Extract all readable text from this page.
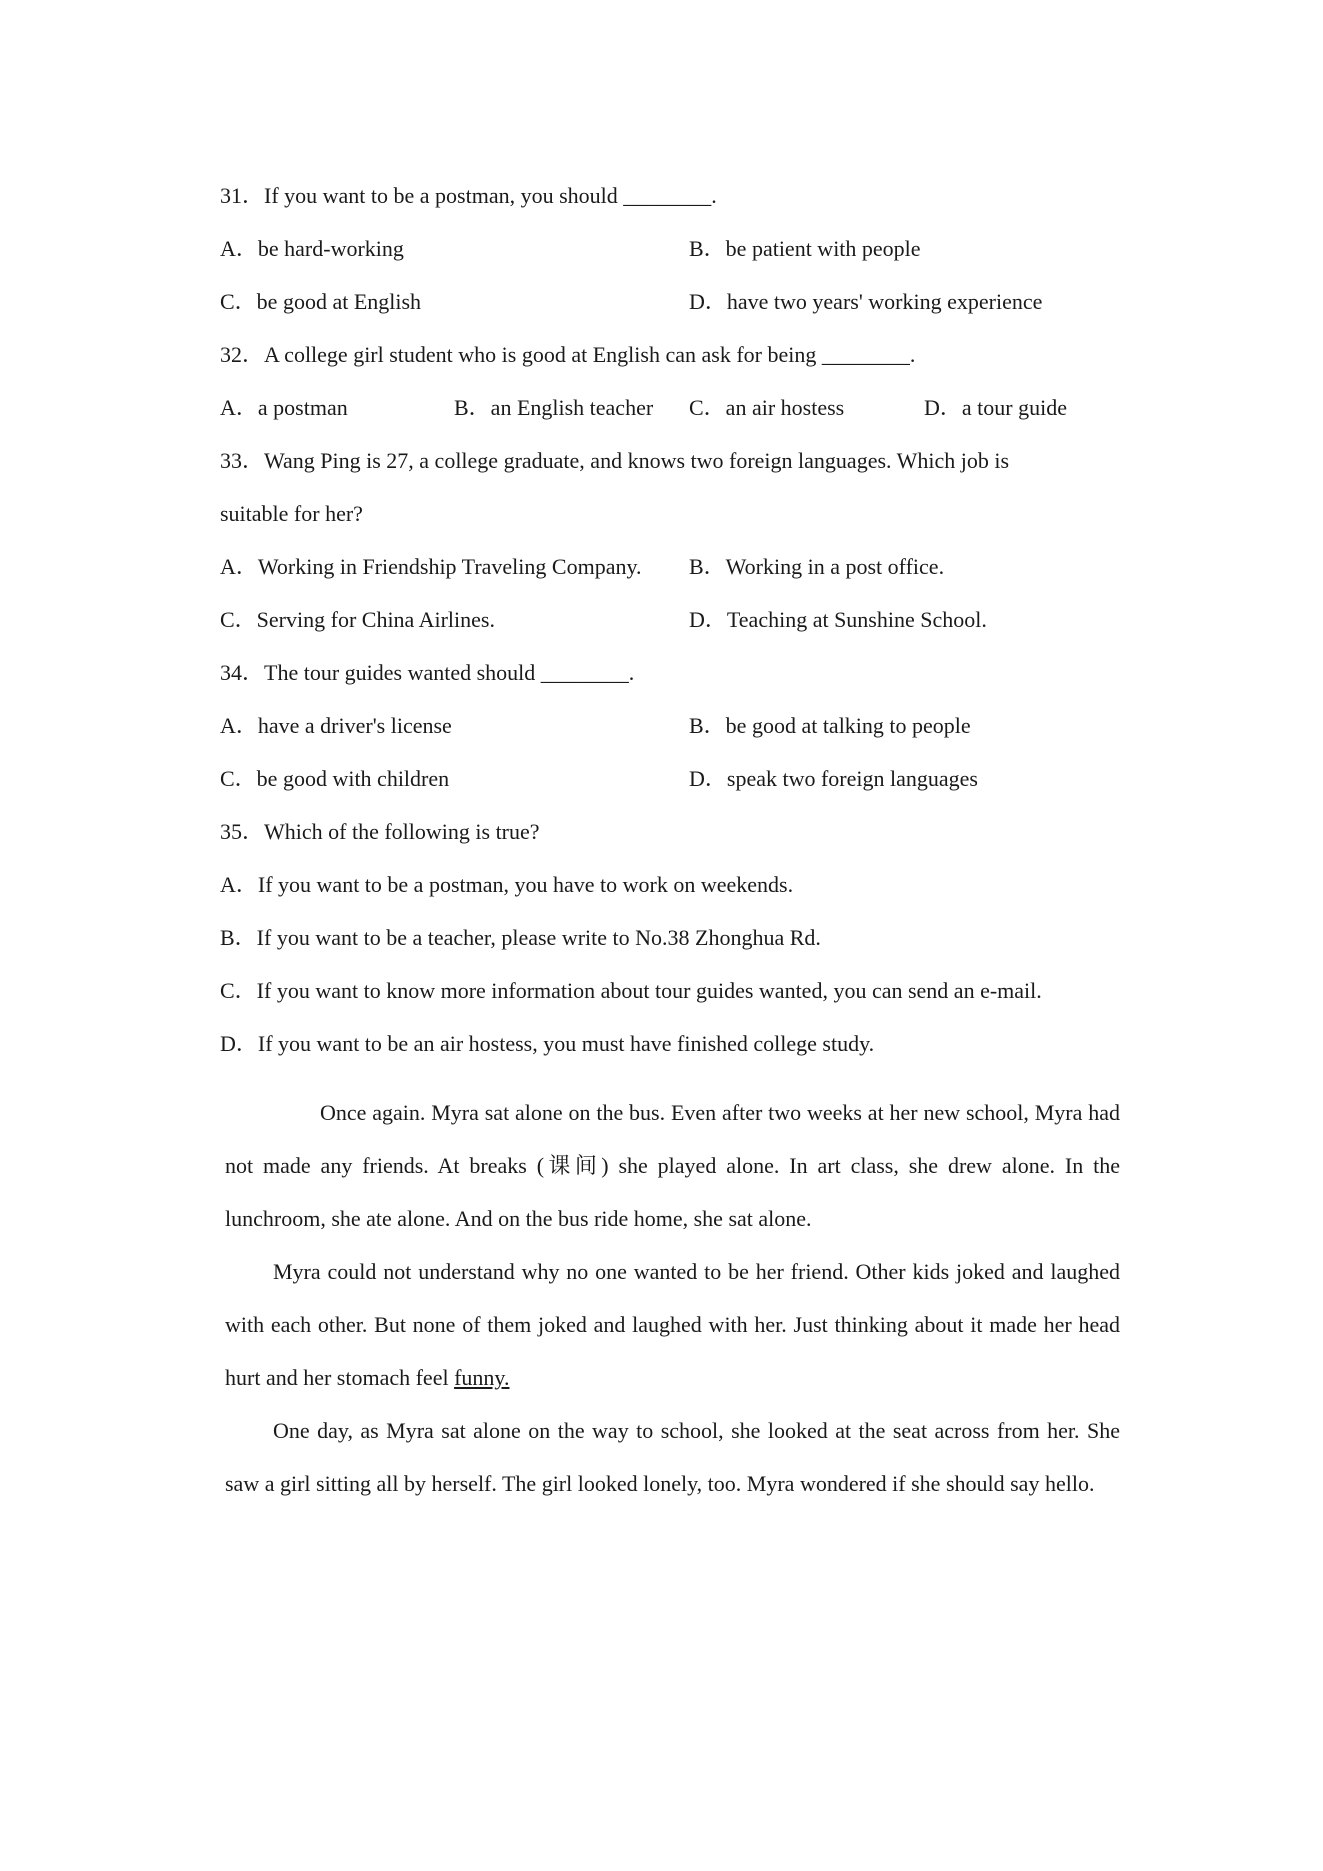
31．If you want to be a postman, you should ________.
A．be hard-working	B．be patient with people
C．be good at English	D．have two years' working experience
32．A college girl student who is good at English can ask for being ________.
A．a postman	B．an English teacher C．an air hostess	D．a tour guide
33．Wang Ping is 27, a college graduate, and knows two foreign languages. Which job is
suitable for her?
A．Working in Friendship Traveling Company. B．Working in a post office.
C．Serving for China Airlines.	D．Teaching at Sunshine School.
34．The tour guides wanted should ________.
A．have a driver's license	B．be good at talking to people
C．be good with children	D．speak two foreign languages
35．Which of the following is true?
A．If you want to be a postman, you have to work on weekends.
B．If you want to be a teacher, please write to No.38 Zhonghua Rd.
C．If you want to know more information about tour guides wanted, you can send an e-mail.
D．If you want to be an air hostess, you must have finished college study.

Once again. Myra sat alone on the bus. Even after two weeks at her new school, Myra had not made any friends. At breaks (课间) she played alone. In art class, she drew alone. In the lunchroom, she ate alone. And on the bus ride home, she sat alone.

Myra could not understand why no one wanted to be her friend. Other kids joked and laughed with each other. But none of them joked and laughed with her. Just thinking about it made her head hurt and her stomach feel funny.

One day, as Myra sat alone on the way to school, she looked at the seat across from her. She saw a girl sitting all by herself. The girl looked lonely, too. Myra wondered if she should say hello.
